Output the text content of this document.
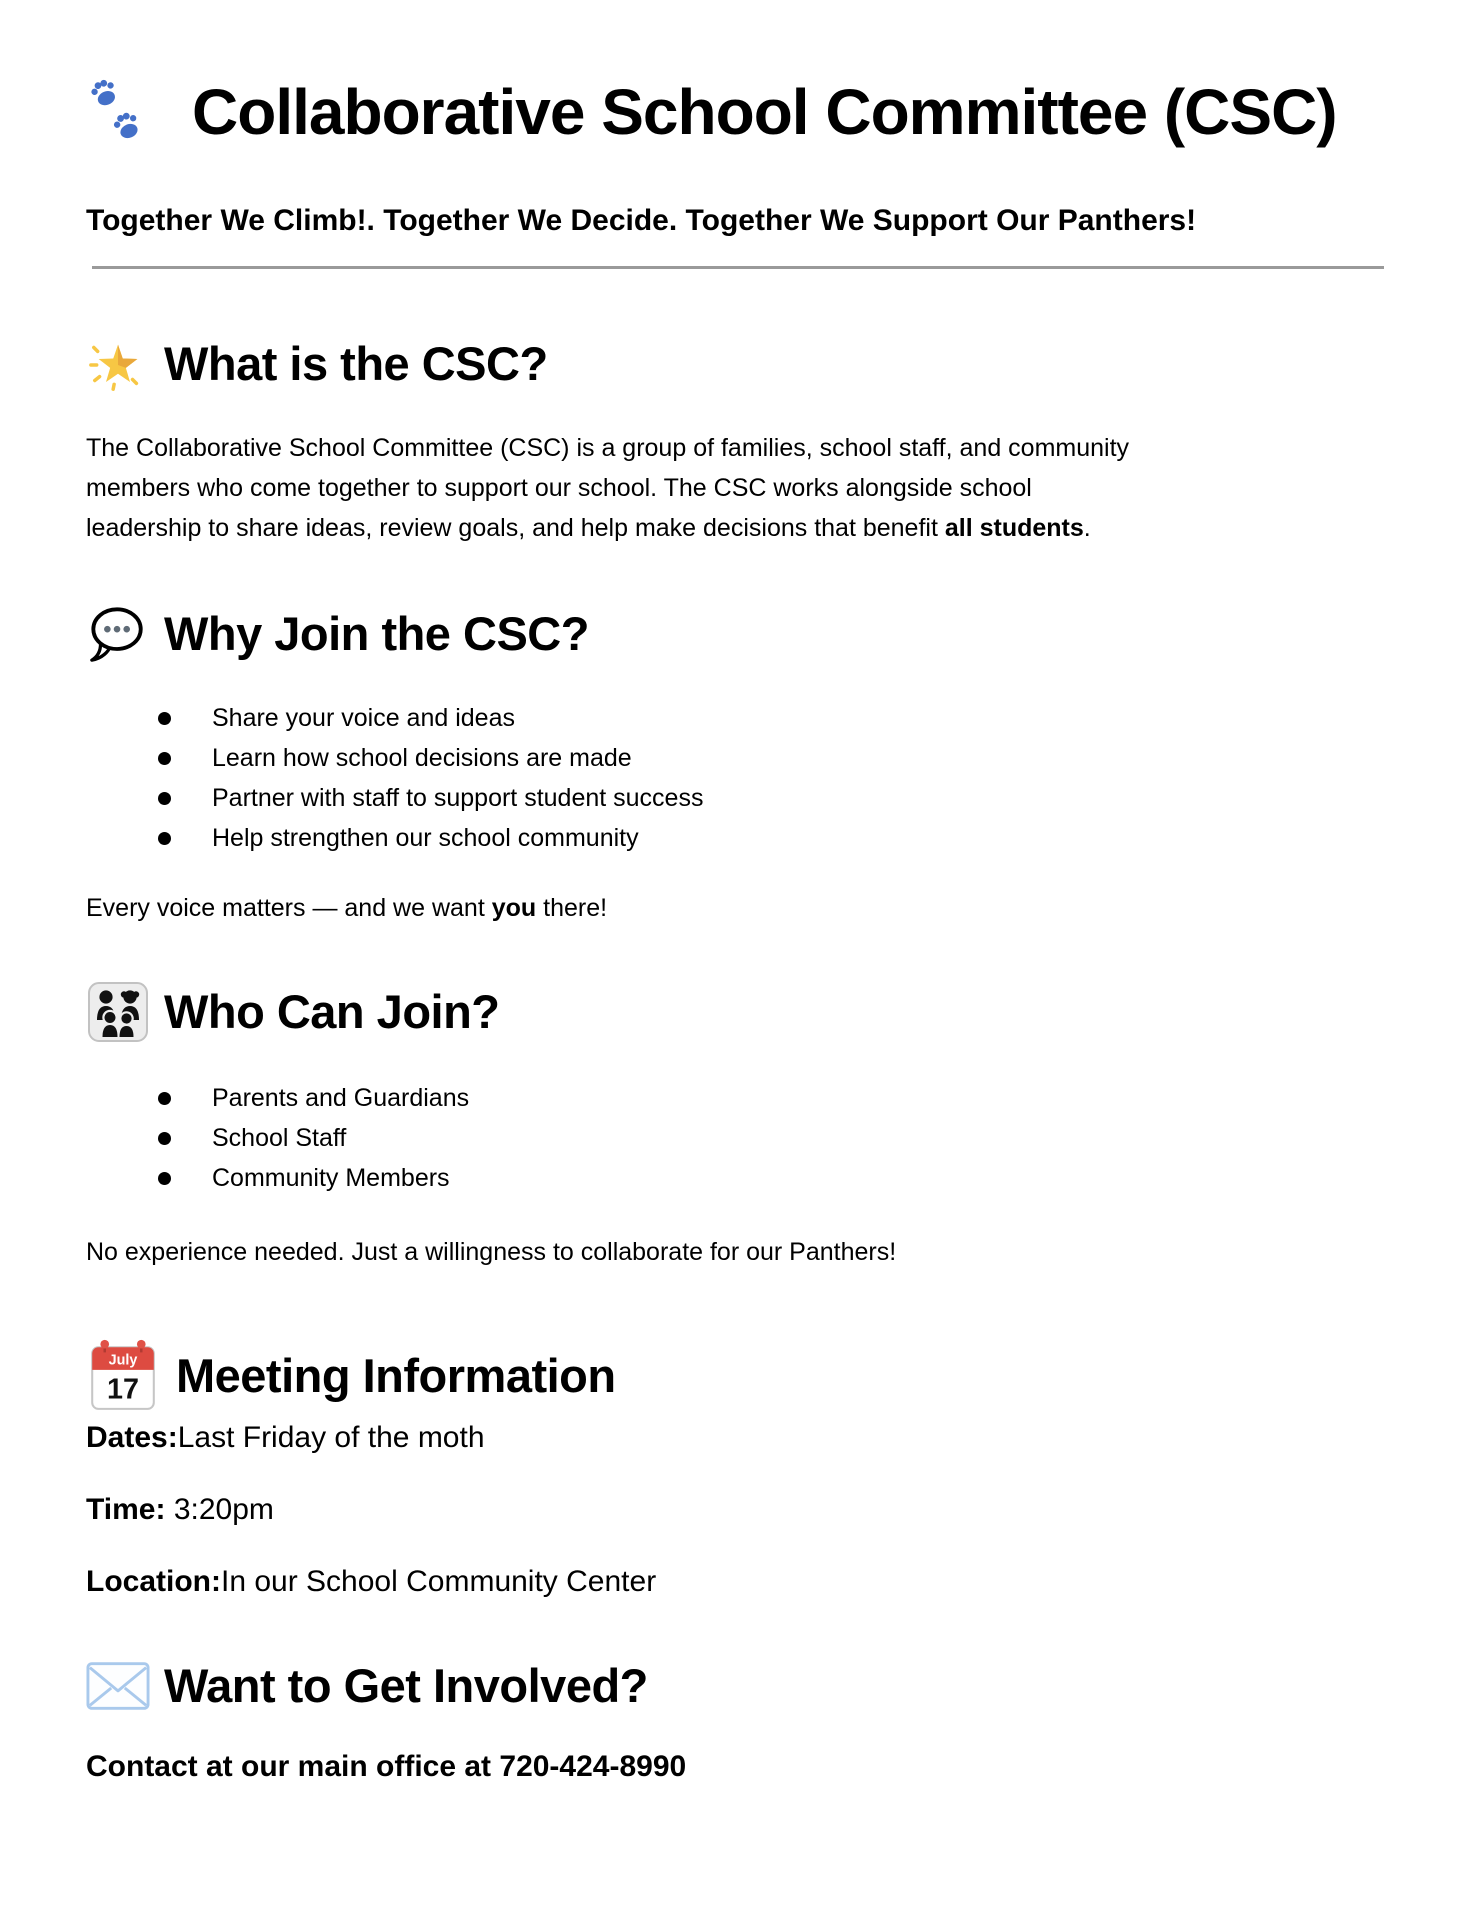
Collaborative School Committee (CSC)
Together We Climb!. Together We Decide. Together We Support Our Panthers!
What is the CSC?

The Collaborative School Committee (CSC) is a group of families, school staff, and community
members who come together to support our school. The CSC works alongside school
leadership to share ideas, review goals, and help make decisions that benefit all students.

Why Join the CSC?
Share your voice and ideas
Learn how school decisions are made
Partner with staff to support student success
Help strengthen our school community

Every voice matters — and we want you there!

Who Can Join?
Parents and Guardians
School Staff
Community Members

No experience needed. Just a willingness to collaborate for our Panthers!

July
17 Meeting Information

Dates:Last Friday of the moth

Time: 3:20pm

Location:In our School Community Center

Want to Get Involved?

Contact at our main office at 720-424-8990
